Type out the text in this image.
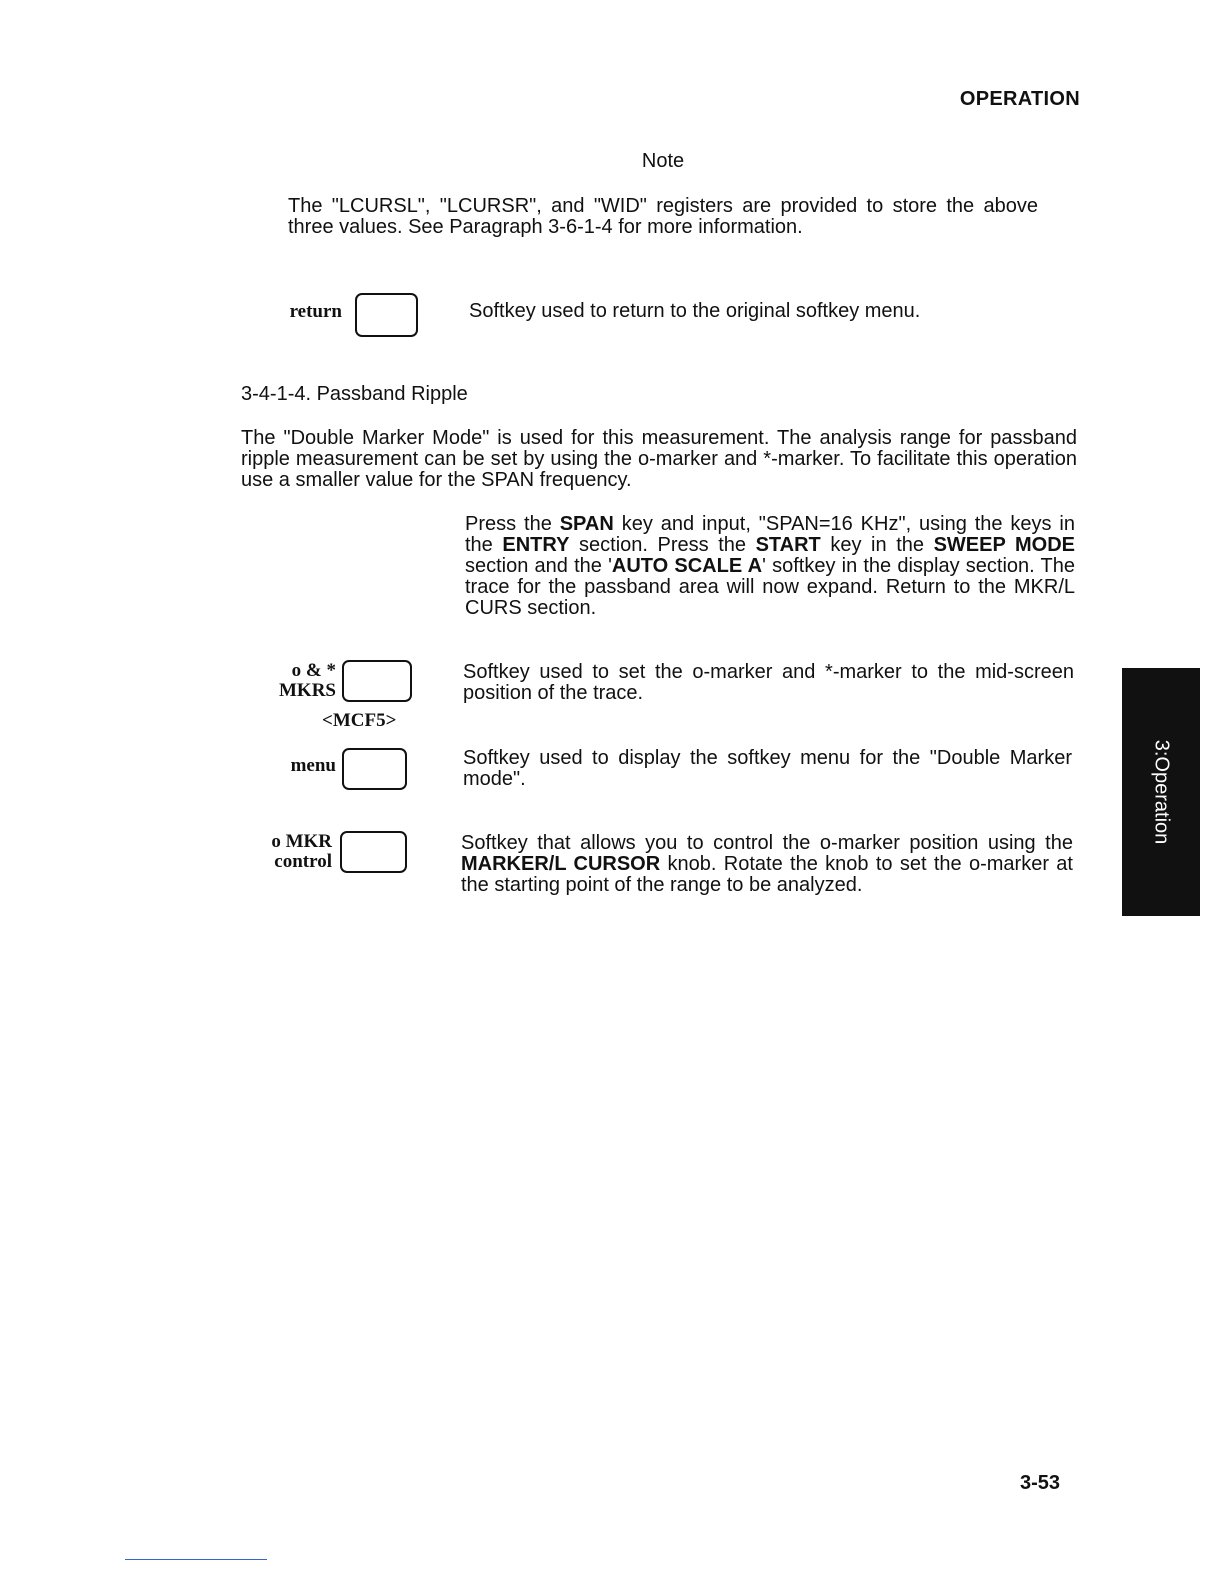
OPERATION
Note
The "LCURSL", "LCURSR", and "WID" registers are provided to store the above three values. See Paragraph 3-6-1-4 for more information.
return	Softkey used to return to the original softkey menu.
3-4-1-4. Passband Ripple
The "Double Marker Mode" is used for this measurement. The analysis range for passband ripple measurement can be set by using the o-marker and *-marker. To facilitate this operation use a smaller value for the SPAN frequency.
Press the SPAN key and input, "SPAN=16 KHz", using the keys in the ENTRY section. Press the START key in the SWEEP MODE section and the 'AUTO SCALE A' softkey in the display section. The trace for the passband area will now expand. Return to the MKR/L CURS section.
o & *
MKRS
<MCF5>
Softkey used to set the o-marker and *-marker to the mid-screen position of the trace.
menu	Softkey used to display the softkey menu for the "Double Marker mode".
o MKR
control
Softkey that allows you to control the o-marker position using the MARKER/L CURSOR knob. Rotate the knob to set the o-marker at the starting point of the range to be analyzed.
3:Operation
3-53
